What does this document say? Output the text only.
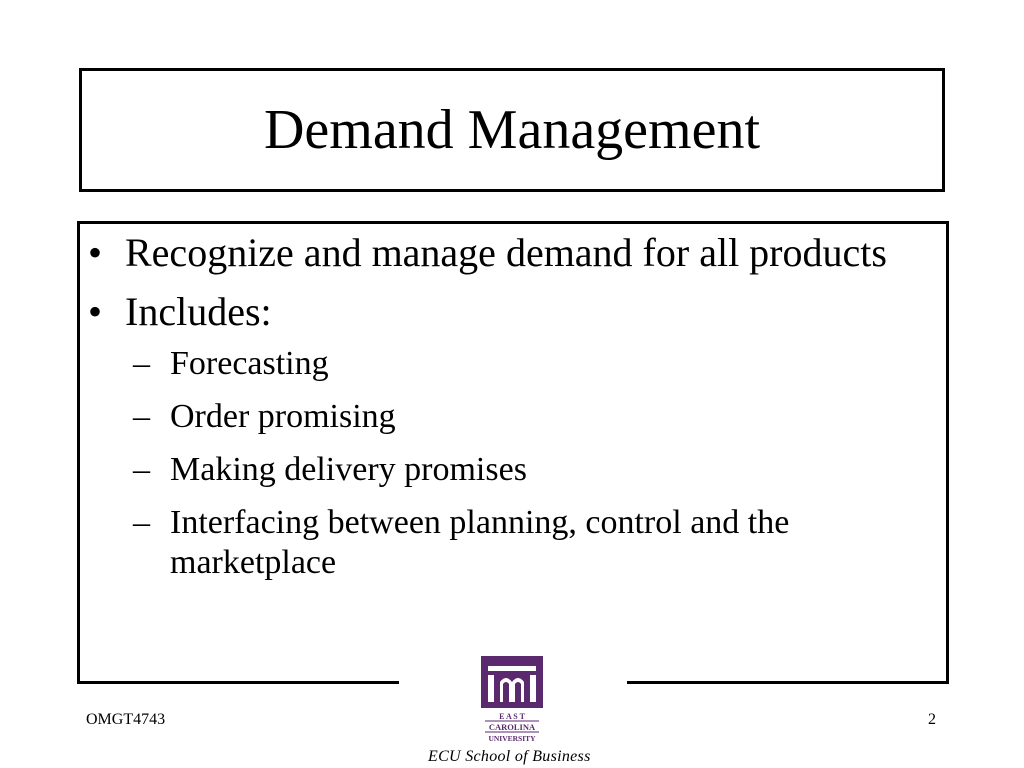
Demand Management
• Recognize and manage demand for all products
• Includes:
– Forecasting
– Order promising
– Making delivery promises
– Interfacing between planning, control and the marketplace
E A S T
CAROLINA
UNIVERSITY
OMGT4743	2
ECU School of Business
